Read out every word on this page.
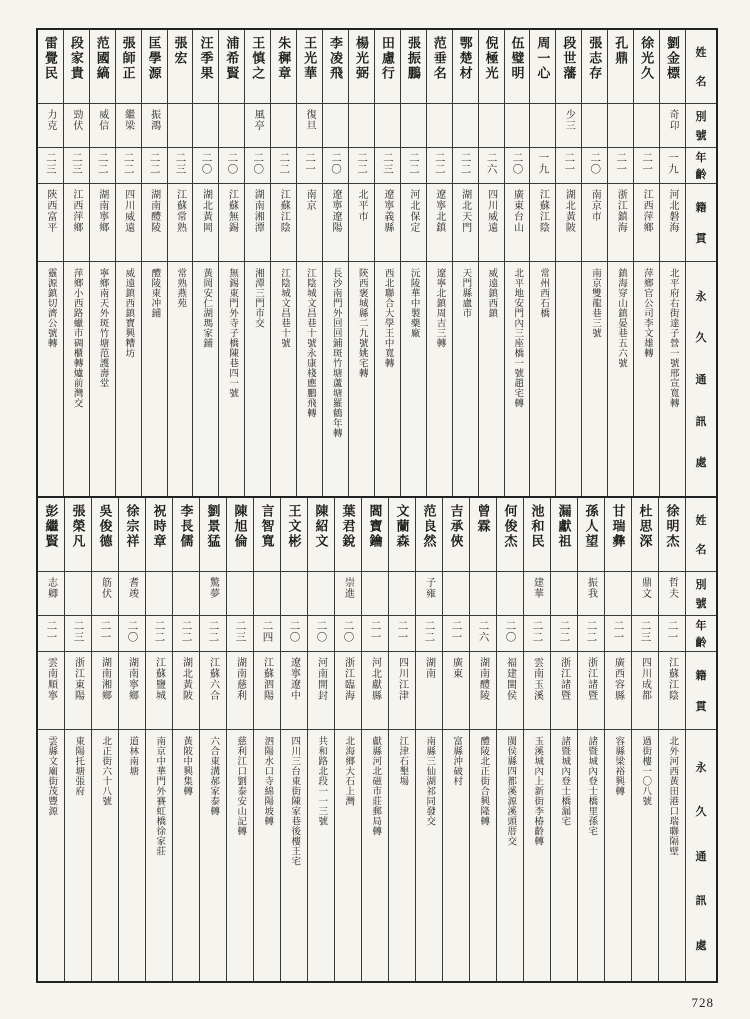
姓
名
別
號
年
齡
籍
貫
永
久
通
訊
處
劉金標
奇卬
一九
河北磐海
北平府右街達子營一號邢宣寬轉
徐光久
二一
江西萍鄉
萍鄉官公司李文雄轉
孔鼎
二一
浙江鎮海
鎮海穿山鎮晏巷五六號
張志存
二〇
南京市
南京雙龍巷三號
段世藩
少三
二一
湖北黃陂
周一心
一九
江蘇江陰
常州西石橋
伍璧明
二〇
廣東台山
北平地安門內三座橋一號趙宅轉
倪極光
二六
四川威遠
威遠鎮西鎮
鄂楚材
二二
湖北天門
天門縣盧市
范垂名
二二
遼寧北鎮
遼寧北鎮周吉三轉
張振鵬
二二
河北保定
沅陵華中製藥廠
田慮行
二三
遼寧義縣
西北聯合大學王中寬轉
楊光弼
二二
北平市
陝西褒城縣二九號姚宅轉
李凌飛
二〇
遼寧遼陽
長沙南門外回回鋪斑竹塘蘆塘羅鶴年轉
王光華
復旦
二一
南京
江陰城文昌巷十號永康棧應鵬飛轉
朱穉章
二二
江蘇江陰
江陰城文昌巷十號
王慎之
風亭
二〇
湖南湘潭
湘潭三門市交
浦希賢
二〇
江蘇無錫
無錫東門外寺子橋陳巷四一號
汪季果
二〇
湖北黃岡
黃岡安仁湖瑪家鋪
張宏
二三
江蘇常熟
常熟燕苑
匡學源
振鴻
二二
湖南醴陵
醴陵東冲鋪
張師正
繼梁
二二
四川威遠
威遠鎮西鎮寶興糟坊
范國縞
威信
二二
湖南寧鄉
寧鄉南天外斑竹塘范護壽堂
段家貴
勁伏
二三
江西萍鄉
萍鄉小西路蠟市碉櫃轉爐前灣交
雷覺民
力克
二三
陝西富平
靈源鎮切濟公號轉
姓
名
別
號
年
齡
籍
貫
永
久
通
訊
處
徐明杰
哲夫
二一
江蘇江陰
北外河西黃田港口瑞聯隔壁
杜思深
鼎文
二三
四川成都
過街樓一〇八號
甘瑞彝
二一
廣西容縣
容縣梁裕興轉
孫人望
振我
二二
浙江諸暨
諸暨城內登士橋里孫宅
漏獻祖
二二
浙江諸暨
諸暨城內登士橋漏宅
池和民
建華
二二
雲南玉溪
玉溪城內上新街李椿齡轉
何俊杰
二〇
福建閩侯
閩侯縣四都溪源溪頭厝交
曾霖
二六
湖南醴陵
醴陵北正街合興隆轉
吉承俠
二一
廣東
富縣沖破村
范良然
子雍
二二
湖南
南縣三仙湖祁同發交
文蘭森
二一
四川江津
江津石墾場
閻寶鑰
二一
河北獻縣
獻縣河北磁市莊郵局轉
葉君銳
崇進
二〇
浙江臨海
北海鄉大石上灣
陳紹文
二〇
河南開封
共和路北段一一三號
王文彬
二〇
遼寧遼中
四川三台東街陳家巷後樓王宅
言智寬
二四
江蘇泗陽
泗陽水口寺綿陽坡轉
陳旭倫
二三
湖南慈利
慈利江口劉泰安山記轉
劉景猛
驚夢
二二
江蘇六合
六合東溝郝家泰轉
李長儒
二二
湖北黃陂
黃陂中興集轉
祝時章
二二
江蘇鹽城
南京中華門外賽虹橋徐家莊
徐宗祥
耆竣
二〇
湖南寧鄉
道林南塘
吳俊德
筋伏
二一
湖南湘鄉
北正街六十八號
張榮凡
二三
浙江東陽
東陽托塘張府
彭繼賢
志卿
二一
雲南順寧
雲縣文廟街茂豐源
728
